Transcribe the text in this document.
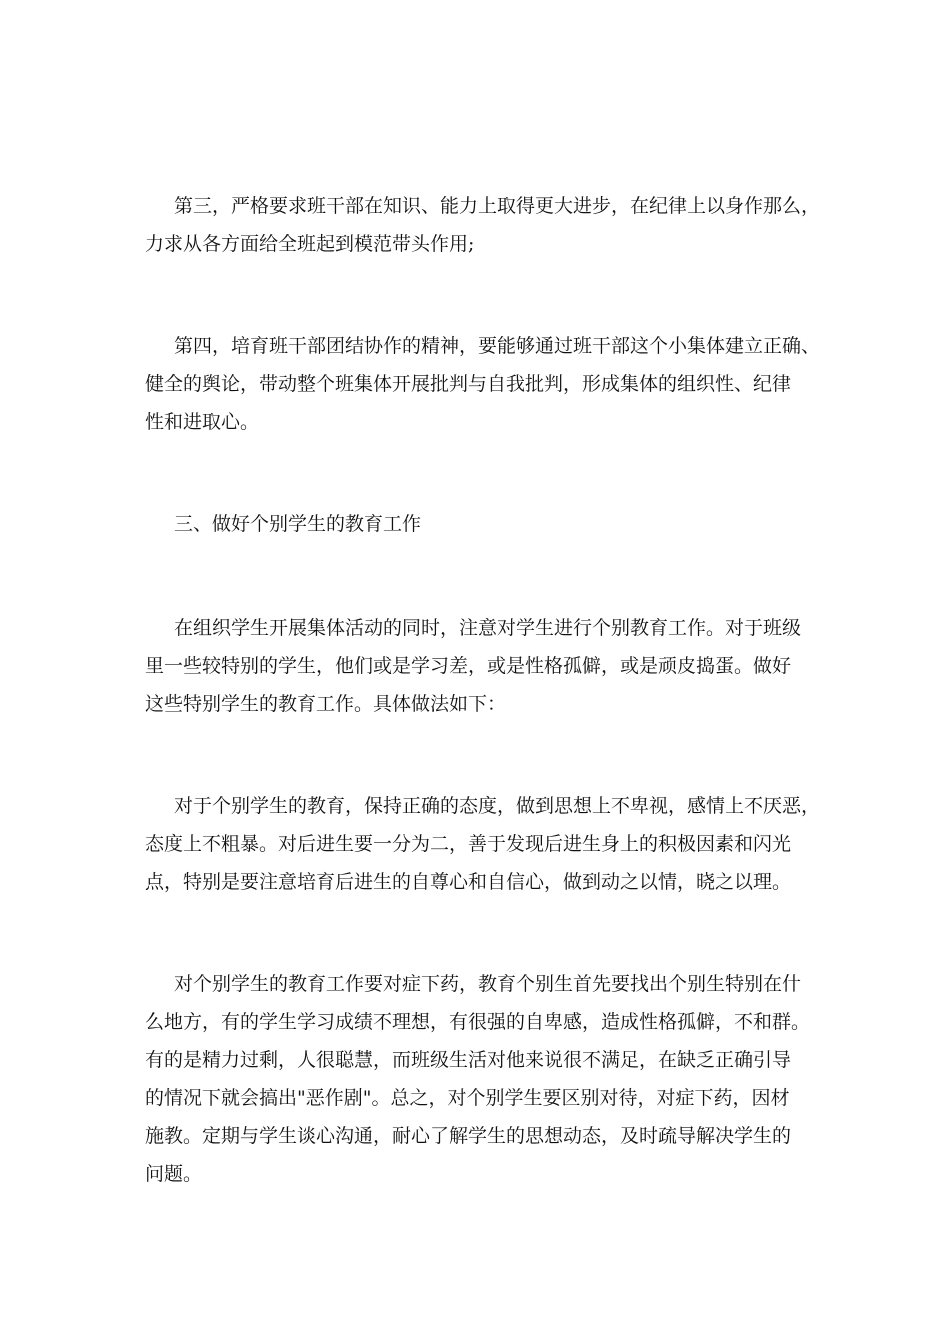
第三，严格要求班干部在知识、能力上取得更大进步，在纪律上以身作那么，
力求从各方面给全班起到模范带头作用;
第四，培育班干部团结协作的精神，要能够通过班干部这个小集体建立正确、
健全的舆论，带动整个班集体开展批判与自我批判，形成集体的组织性、纪律
性和进取心。
三、做好个别学生的教育工作
在组织学生开展集体活动的同时，注意对学生进行个别教育工作。对于班级
里一些较特别的学生，他们或是学习差，或是性格孤僻，或是顽皮捣蛋。做好
这些特别学生的教育工作。具体做法如下：
对于个别学生的教育，保持正确的态度，做到思想上不卑视，感情上不厌恶，
态度上不粗暴。对后进生要一分为二，善于发现后进生身上的积极因素和闪光
点，特别是要注意培育后进生的自尊心和自信心，做到动之以情，晓之以理。
对个别学生的教育工作要对症下药，教育个别生首先要找出个别生特别在什
么地方，有的学生学习成绩不理想，有很强的自卑感，造成性格孤僻，不和群。
有的是精力过剩，人很聪慧，而班级生活对他来说很不满足，在缺乏正确引导
的情况下就会搞出"恶作剧"。总之，对个别学生要区别对待，对症下药，因材
施教。定期与学生谈心沟通，耐心了解学生的思想动态，及时疏导解决学生的
问题。
